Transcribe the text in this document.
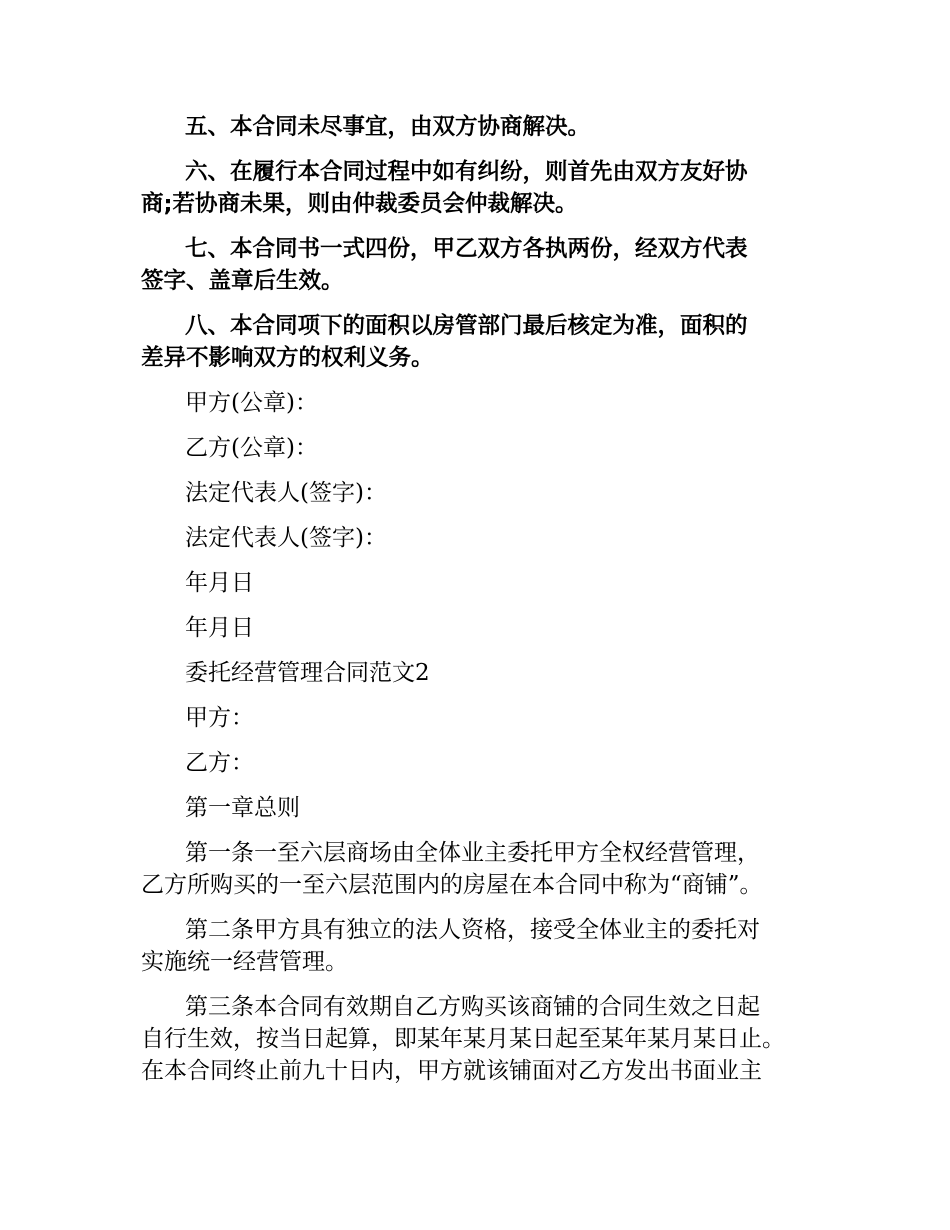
五、本合同未尽事宜，由双方协商解决。
六、在履行本合同过程中如有纠纷，则首先由双方友好协
商;若协商未果，则由仲裁委员会仲裁解决。
七、本合同书一式四份，甲乙双方各执两份，经双方代表
签字、盖章后生效。
八、本合同项下的面积以房管部门最后核定为准，面积的
差异不影响双方的权利义务。
甲方(公章)：
乙方(公章)：
法定代表人(签字)：
法定代表人(签字)：
年月日
年月日
委托经营管理合同范文2
甲方：
乙方：
第一章总则
第一条一至六层商场由全体业主委托甲方全权经营管理，
乙方所购买的一至六层范围内的房屋在本合同中称为“商铺”。
第二条甲方具有独立的法人资格，接受全体业主的委托对
实施统一经营管理。
第三条本合同有效期自乙方购买该商铺的合同生效之日起
自行生效，按当日起算，即某年某月某日起至某年某月某日止。
在本合同终止前九十日内，甲方就该铺面对乙方发出书面业主
